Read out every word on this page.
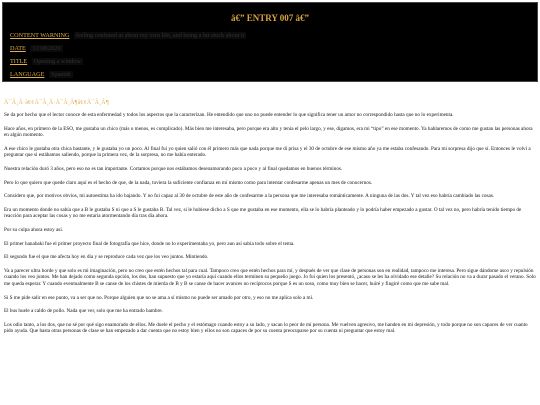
â€” ENTRY 007 â€”
CONTENT WARNING feeling confused at about my own life, and being a bit stuck about it
DATE 31/08/2020
TITLE Opening a window
LANGUAGE Spanish
Ã¯Â¸Â·â€¢Ã¯Â¸Â·Ã¯Â¸Â¶â€¢Ã¯Â¸Â¶

Se da por hecho que el lector conoce de esta enfermedad y todos los aspectos que la caracterizan. He entendido que uno no puede entender lo que significa tener un amor no correspondido hasta que no lo experimenta.

Hace años, en primero de la ESO, me gustaba un chico (más o menos, es complicado). Más bien me interesaba, pero porque era alto y tenía el pelo largo, y ese, digamos, era mi “tipo” en ese momento. Ya hablaremos de como me gustan las personas ahora en algún momento.

A ese chico le gustaba otra chica bastante, y le gustaba yo un poco. Al final fui yo quien salió con él primero más que nada porque me di prisa y el 30 de octubre de ese mismo año ya me estaba confesando. Para mi sorpresa dijo que sí. Entonces le volví a preguntar que si estábamos saliendo, porque la primera vez, de la sorpresa, no me había enterado.

Nuestra relación duró 3 años, pero eso no es tan importante. Cortamos porque nos estábamos desenamorando poco a poco y al final quedamos en buenos términos.

Pero lo que quiero que quede claro aquí es el hecho de que, de la nada, tuviera la suficiente confianza en mí mismo como para intentar confesarme apenas un mes de conocernos.

Considero que, por motivos obvios, mi autoestima ha ido bajando. Y no fui capaz al 30 de octubre de este año de confesarme a la persona que me interesaba románticamente. A ninguna de las dos. Y tal vez eso habría cambiado las cosas.

Era un momento donde no sabía que a B le gustaba S ni que a S le gustaba B. Tal vez, si le hubiese dicho a S que me gustaba en ese momento, ella se lo habría planteado y lo podría haber empezado a gustar. O tal vez no, pero habría tenido tiempo de reacción para aceptar las cosas y no me estaría atormentando día tras día ahora.

Por su culpa ahora estoy así.

El primer hanabaki fue el primer proyecto final de fotografía que hice, donde no lo experimentaba yo, pero aun así sabía todo sobre el tema.

El segundo fue el que me afecta hoy en día y se reproduce cada vez que los veo juntos. Mintiendo.

Va a parecer ultra borde y que solo es mi imaginación, pero no creo que estén hechos tal para cual. Tampoco creo que estén hechos para mí, y después de ver que clase de personas son en realidad, tampoco me interesa. Pero sigue dándome asco y repulsión cuando los veo juntos. Me han dejado como segunda opción, los dos, han supuesto que yo estaría aquí cuando ellos terminen su pequeño juego. Jo fui quien los presentó, ¿acaso se les ha olvidado ese detalle? Su relación no va a durar pasado el verano. Solo me queda esperar. Y cuando eventualmente B se canse de los chistes de mierda de B y B se canse de hacer avances no recíprocos porque S es un soso, como muy bien se hacer, huiré y fingiré como que me sabe mal.

Si S me pide salir en ese punto, va a ser que no. Porque alguien que no se ama a sí mismo no puede ser amado por otro, y eso no me aplica solo a mí.

El bus huele a caldo de pollo. Nada que ver, solo que me ha entrado hambre.

Los odio tanto, a los dos, que no sé por qué sigo enamorado de ellos. Me duele el pecho y el estómago cuando estoy a su lado, y sacan lo peor de mí persona. Me vuelven agresivo, me handen en mi depresión, y todo porque no son capaces de ver cuanto pido ayuda. Que hasta otras personas de clase se han empezado a dar cuenta que no estoy bien y ellos no son capaces de por su cuenta preocuparse por su cuenta ni preguntar que estoy mal.
